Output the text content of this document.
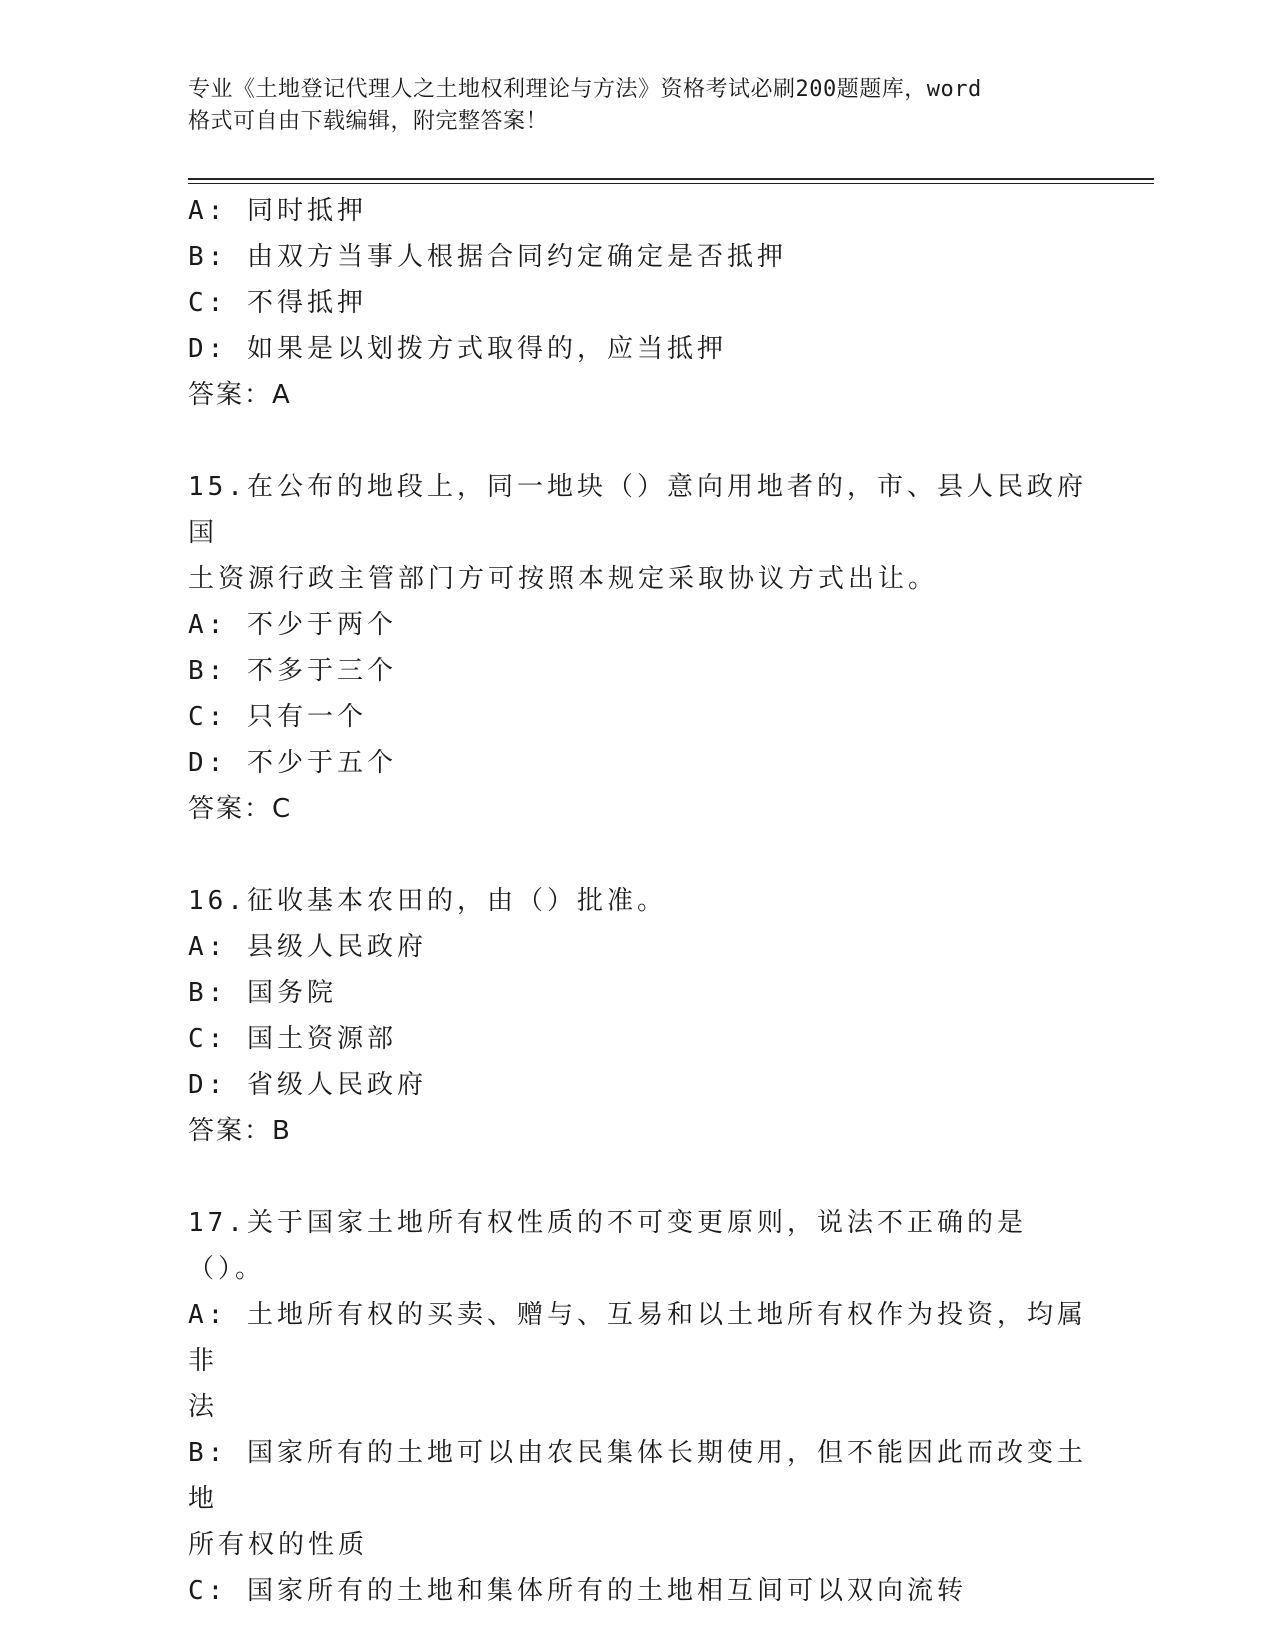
专业《土地登记代理人之土地权利理论与方法》资格考试必刷200题题库，word
格式可自由下载编辑，附完整答案！
A: 同时抵押
B: 由双方当事人根据合同约定确定是否抵押
C: 不得抵押
D: 如果是以划拨方式取得的，应当抵押
答案：A
15.在公布的地段上，同一地块（）意向用地者的，市、县人民政府国
土资源行政主管部门方可按照本规定采取协议方式出让。
A: 不少于两个
B: 不多于三个
C: 只有一个
D: 不少于五个
答案：C
16.征收基本农田的，由（）批准。
A: 县级人民政府
B: 国务院
C: 国土资源部
D: 省级人民政府
答案：B
17.关于国家土地所有权性质的不可变更原则，说法不正确的是（）。
A: 土地所有权的买卖、赠与、互易和以土地所有权作为投资，均属非
法
B: 国家所有的土地可以由农民集体长期使用，但不能因此而改变土地
所有权的性质
C: 国家所有的土地和集体所有的土地相互间可以双向流转
